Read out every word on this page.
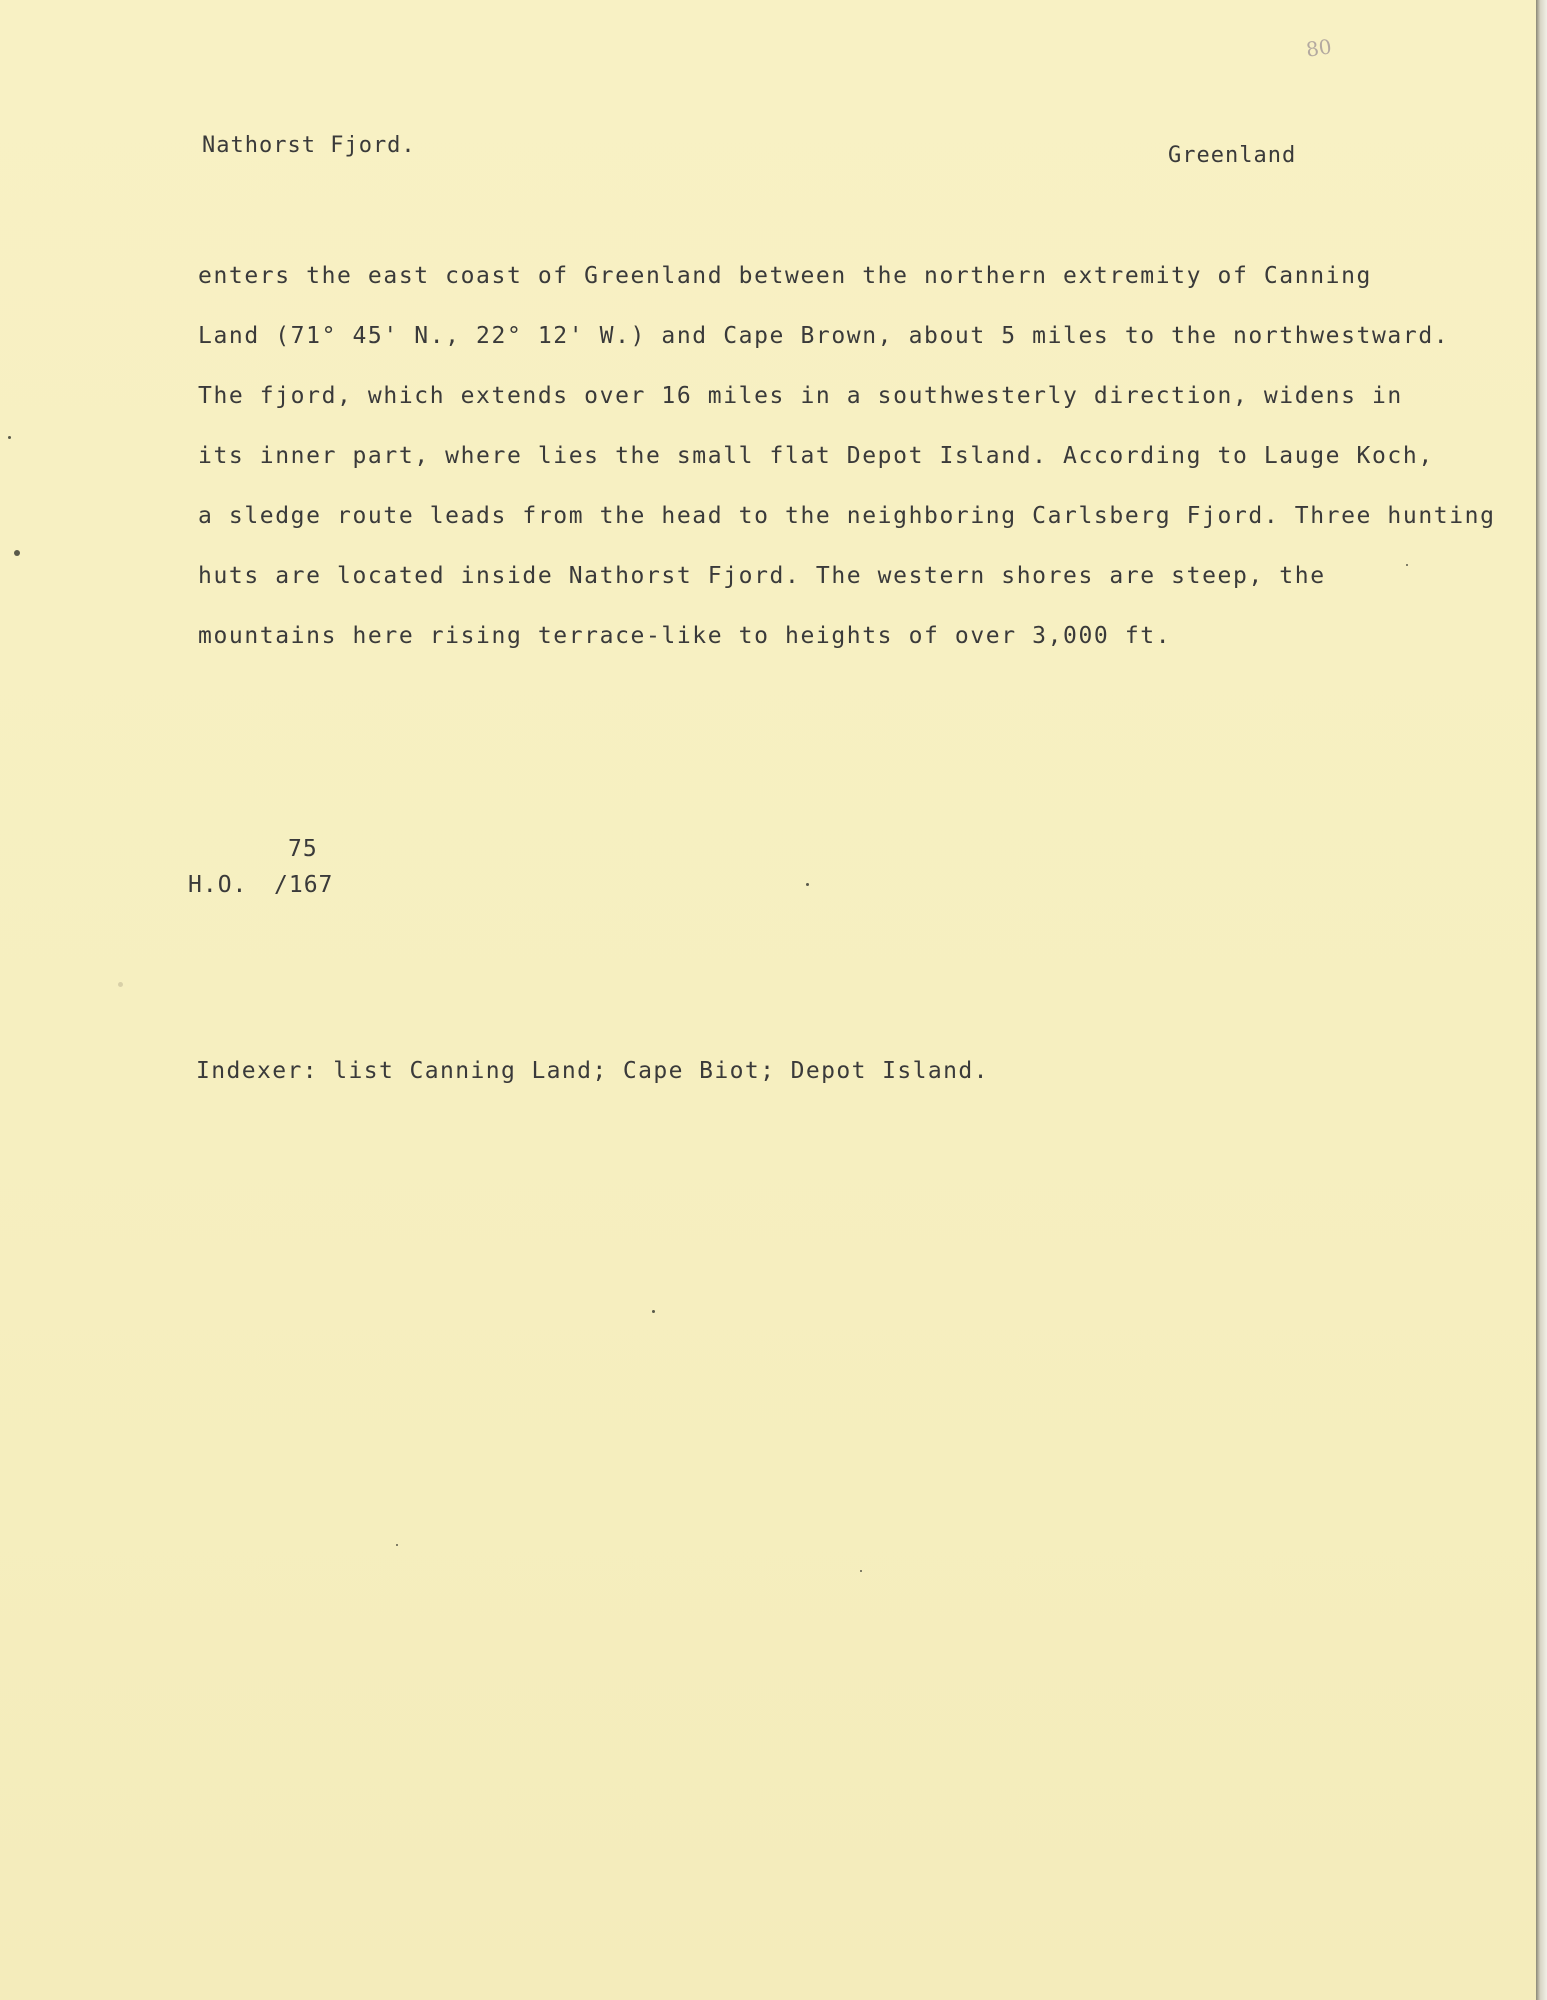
80
Nathorst Fjord.	Greenland
enters the east coast of Greenland between the northern extremity of Canning
Land (71° 45' N., 22° 12' W.) and Cape Brown, about 5 miles to the northwestward.
The fjord, which extends over 16 miles in a southwesterly direction, widens in
its inner part, where lies the small flat Depot Island. According to Lauge Koch,
a sledge route leads from the head to the neighboring Carlsberg Fjord. Three hunting
huts are located inside Nathorst Fjord. The western shores are steep, the
mountains here rising terrace-like to heights of over 3,000 ft.
H.O.
75
/167
Indexer: list Canning Land; Cape Biot; Depot Island.
